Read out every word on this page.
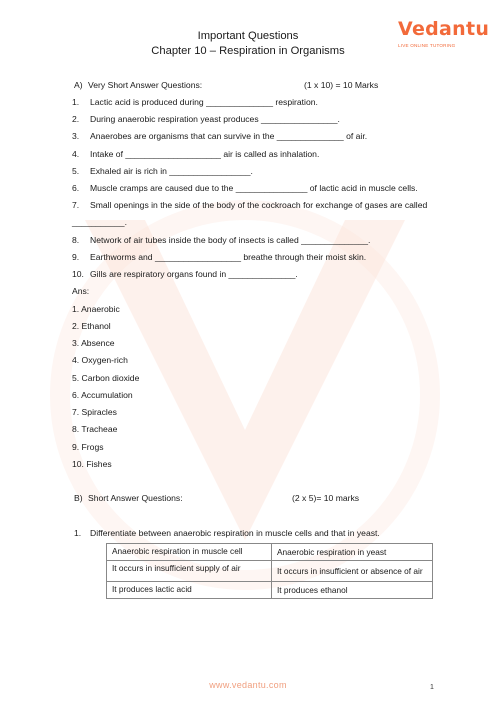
Vedantu
LIVE ONLINE TUTORING
Important Questions
Chapter 10 – Respiration in Organisms
A) Very Short Answer Questions:	(1 x 10) = 10 Marks
1. Lactic acid is produced during ______________ respiration.
2. During anaerobic respiration yeast produces ________________.
3. Anaerobes are organisms that can survive in the ______________ of air.
4. Intake of ____________________ air is called as inhalation.
5. Exhaled air is rich in _________________.
6. Muscle cramps are caused due to the _______________ of lactic acid in muscle cells.
7. Small openings in the side of the body of the cockroach for exchange of gases are called
___________.
8. Network of air tubes inside the body of insects is called ______________.
9. Earthworms and __________________ breathe through their moist skin.
10. Gills are respiratory organs found in ______________.
Ans:
1. Anaerobic
2. Ethanol
3. Absence
4. Oxygen-rich
5. Carbon dioxide
6. Accumulation
7. Spiracles
8. Tracheae
9. Frogs
10. Fishes
B) Short Answer Questions:	(2 x 5)= 10 marks
1. Differentiate between anaerobic respiration in muscle cells and that in yeast.
Anaerobic respiration in muscle cell	Anaerobic respiration in yeast
It occurs in insufficient supply of air	It occurs in insufficient or absence of air
It produces lactic acid	It produces ethanol
www.vedantu.com	1
